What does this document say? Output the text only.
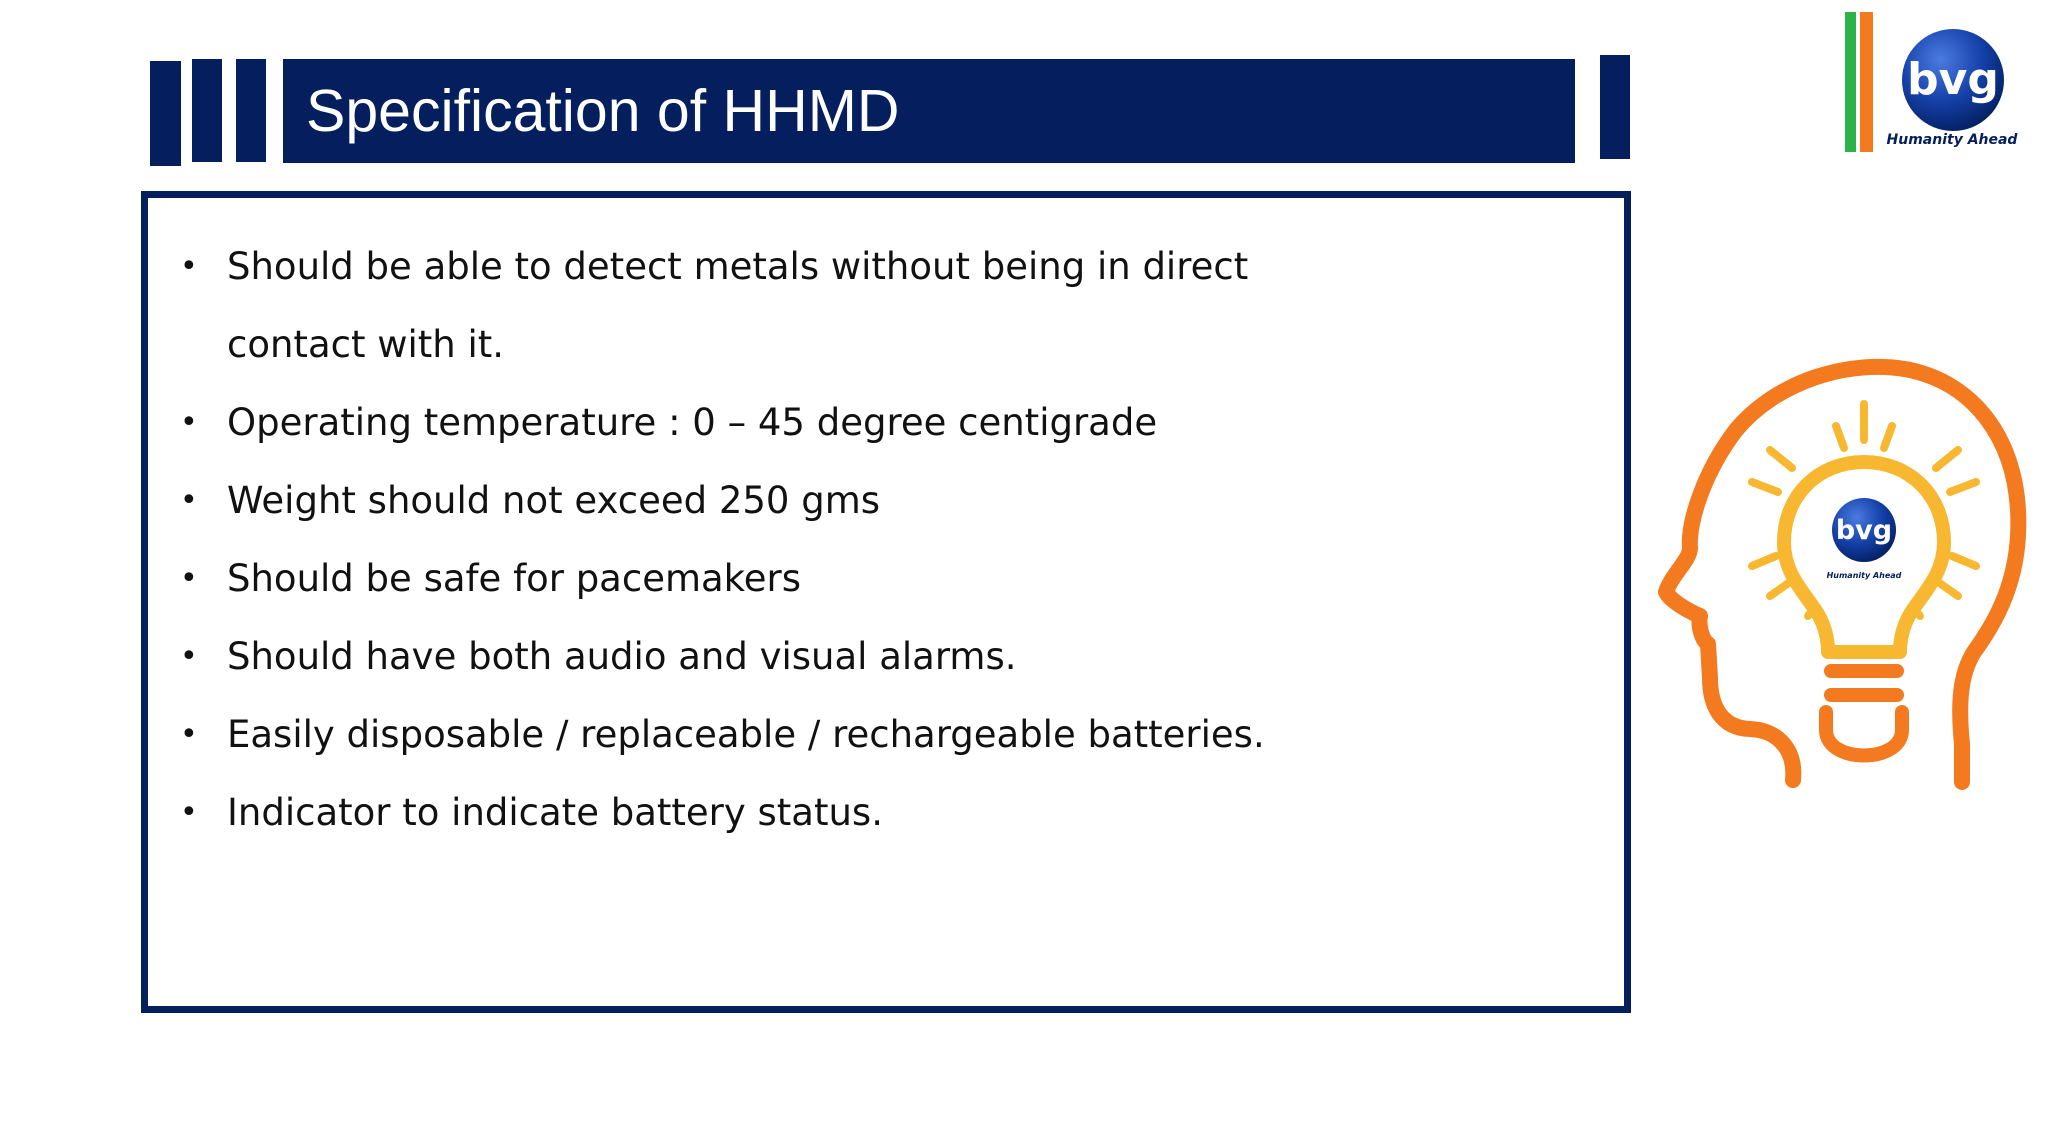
Specification of HHMD
• Should be able to detect metals without being in direct contact with it.
• Operating temperature : 0 – 45 degree centigrade
• Weight should not exceed 250 gms
• Should be safe for pacemakers
• Should have both audio and visual alarms.
• Easily disposable / replaceable / rechargeable batteries.
• Indicator to indicate battery status.
bvg
Humanity Ahead
bvg
Humanity Ahead
